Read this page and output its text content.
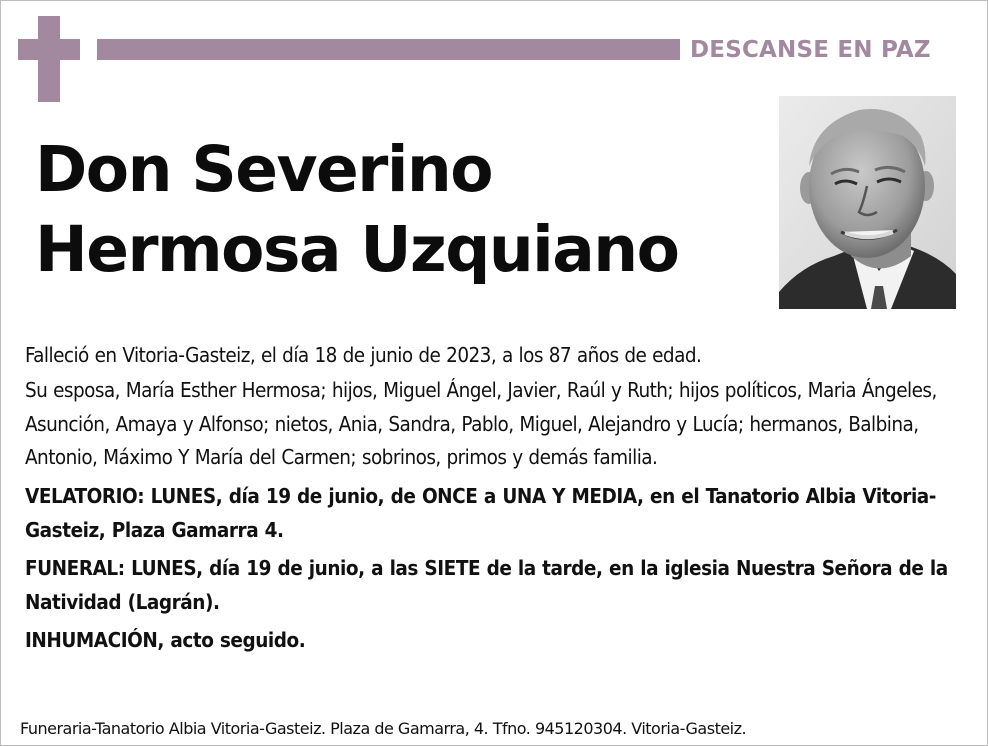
DESCANSE EN PAZ
Don Severino
Hermosa Uzquiano

Falleció en Vitoria-Gasteiz, el día 18 de junio de 2023, a los 87 años de edad.

Su esposa, María Esther Hermosa; hijos, Miguel Ángel, Javier, Raúl y Ruth; hijos políticos, Maria Ángeles, Asunción, Amaya y Alfonso; nietos, Ania, Sandra, Pablo, Miguel, Alejandro y Lucía; hermanos, Balbina, Antonio, Máximo Y María del Carmen; sobrinos, primos y demás familia.

VELATORIO: LUNES, día 19 de junio, de ONCE a UNA Y MEDIA, en el Tanatorio Albia Vitoria-Gasteiz, Plaza Gamarra 4.

FUNERAL: LUNES, día 19 de junio, a las SIETE de la tarde, en la iglesia Nuestra Señora de la Natividad (Lagrán).

INHUMACIÓN, acto seguido.

Funeraria-Tanatorio Albia Vitoria-Gasteiz. Plaza de Gamarra, 4. Tfno. 945120304. Vitoria-Gasteiz.
